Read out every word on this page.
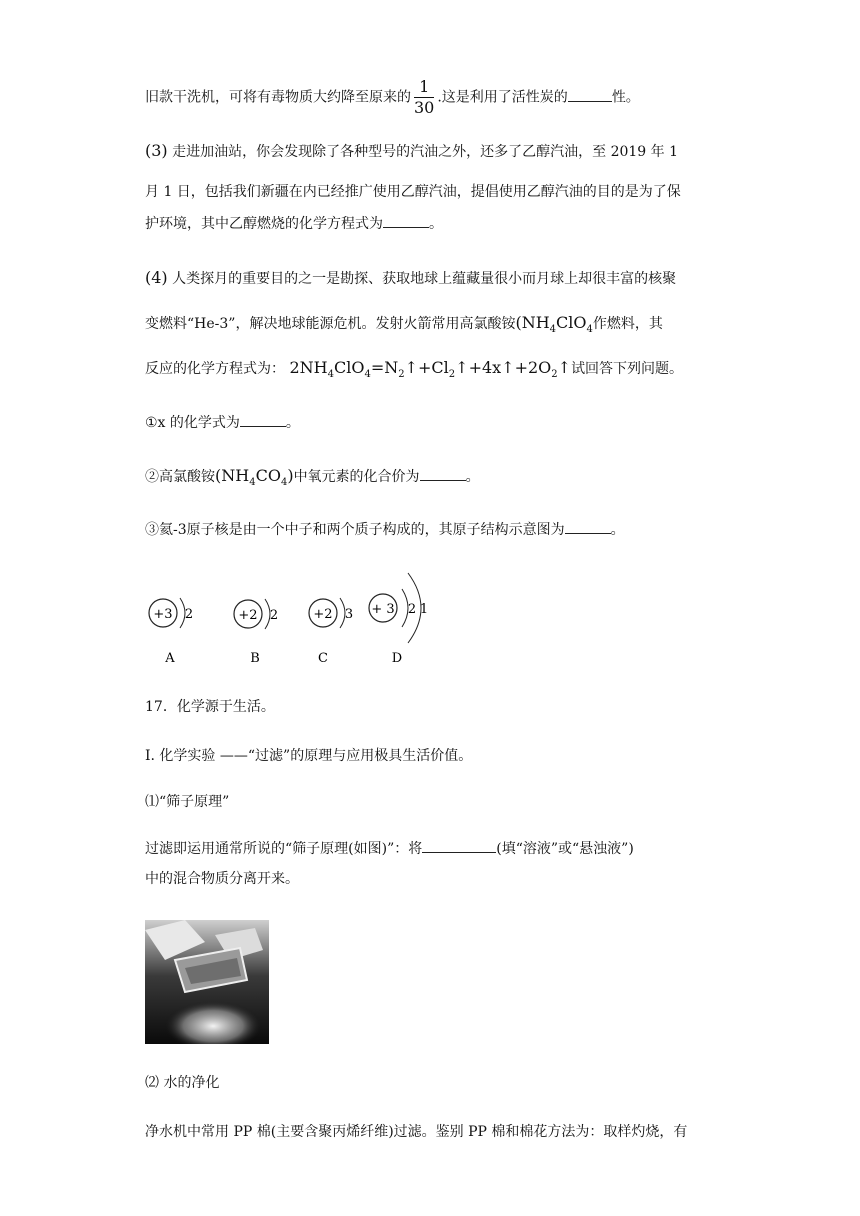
旧款干洗机，可将有毒物质大约降至原来的 $\frac{1}{30}$ .这是利用了活性炭的	性。
(3) 走进加油站，你会发现除了各种型号的汽油之外，还多了乙醇汽油，至 2019 年 1
月 1 日，包括我们新疆在内已经推广使用乙醇汽油，提倡使用乙醇汽油的目的是为了保
护环境，其中乙醇燃烧的化学方程式为	。
(4) 人类探月的重要目的之一是勘探、获取地球上蕴藏量很小而月球上却很丰富的核聚
变燃料“He-3”，解决地球能源危机。发射火箭常用高氯酸铵($NH_4ClO_4$作燃料，其
反应的化学方程式为： $2NH_4ClO_4=N_2↑+Cl_2↑+4x↑+2O_2↑$试回答下列问题。
①x 的化学式为	。
②高氯酸铵$(NH_4CO_4)$中氧元素的化合价为	。
③氦-3原子核是由一个中子和两个质子构成的，其原子结构示意图为	。
+3 2
A
+2 2
B
+2 3
C
+ 3 2 1
D
17．化学源于生活。
I. 化学实验 ——“过滤”的原理与应用极具生活价值。
⑴“筛子原理”
过滤即运用通常所说的“筛子原理(如图)”：将	(填“溶液”或“悬浊液”)
中的混合物质分离开来。
⑵ 水的净化
净水机中常用 PP 棉(主要含聚丙烯纤维)过滤。鉴别 PP 棉和棉花方法为：取样灼烧，有
